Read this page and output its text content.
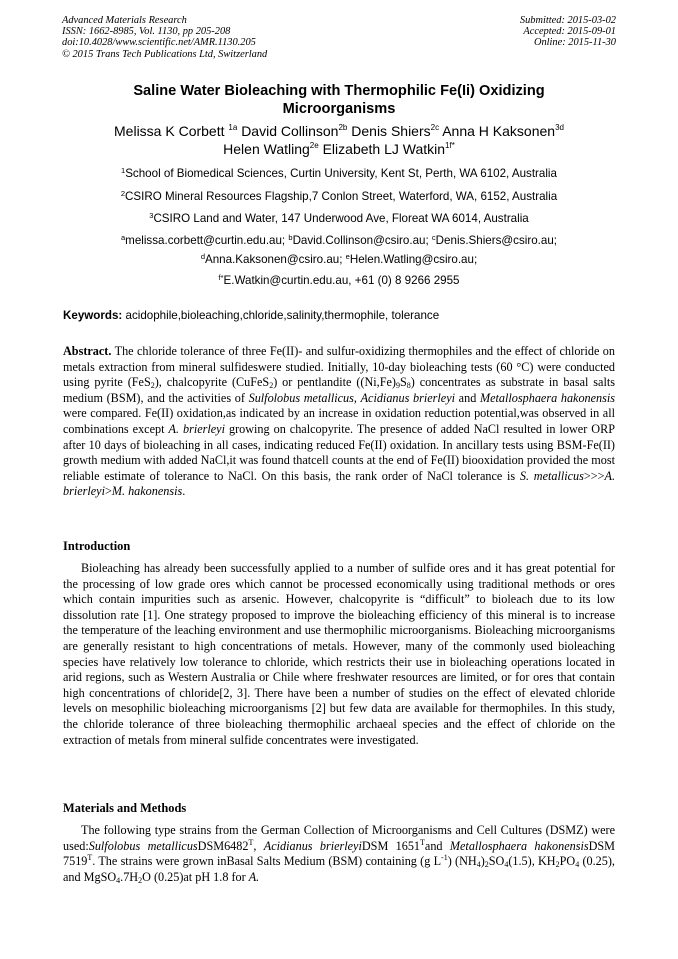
Advanced Materials Research
ISSN: 1662-8985, Vol. 1130, pp 205-208
doi:10.4028/www.scientific.net/AMR.1130.205
© 2015 Trans Tech Publications Ltd, Switzerland
Submitted: 2015-03-02
Accepted: 2015-09-01
Online: 2015-11-30
Saline Water Bioleaching with Thermophilic Fe(Ii) Oxidizing
Microorganisms
Melissa K Corbett $^{1a}$ David Collinson$^{2b}$ Denis Shiers$^{2c}$ Anna H Kaksonen$^{3d}$
Helen Watling$^{2e}$ Elizabeth LJ Watkin$^{1f*}$
$^1$School of Biomedical Sciences, Curtin University, Kent St, Perth, WA 6102, Australia
$^2$CSIRO Mineral Resources Flagship,7 Conlon Street, Waterford, WA, 6152, Australia
$^3$CSIRO Land and Water, 147 Underwood Ave, Floreat WA 6014, Australia
$^a$melissa.corbett@curtin.edu.au; $^b$David.Collinson@csiro.au; $^c$Denis.Shiers@csiro.au;
$^d$Anna.Kaksonen@csiro.au; $^e$Helen.Watling@csiro.au;
$^{f*}$E.Watkin@curtin.edu.au, +61 (0) 8 9266 2955
Keywords: acidophile,bioleaching,chloride,salinity,thermophile, tolerance
Abstract. The chloride tolerance of three Fe(II)- and sulfur-oxidizing thermophiles and the effect of chloride on metals extraction from mineral sulfideswere studied. Initially, 10-day bioleaching tests (60 °C) were conducted using pyrite (FeS$_2$), chalcopyrite (CuFeS$_2$) or pentlandite $((Ni,Fe)_9S_8)$ concentrates as substrate in basal salts medium (BSM), and the activities of Sulfolobus metallicus, Acidianus brierleyi and Metallosphaera hakonensis were compared. Fe(II) oxidation,as indicated by an increase in oxidation reduction potential,was observed in all combinations except A. brierleyi growing on chalcopyrite. The presence of added NaCl resulted in lower ORP after 10 days of bioleaching in all cases, indicating reduced Fe(II) oxidation. In ancillary tests using BSM-Fe(II) growth medium with added NaCl,it was found thatcell counts at the end of Fe(II) biooxidation provided the most reliable estimate of tolerance to NaCl. On this basis, the rank order of NaCl tolerance is S. metallicus>>>A. brierleyi>M. hakonensis.
Introduction
Bioleaching has already been successfully applied to a number of sulfide ores and it has great potential for the processing of low grade ores which cannot be processed economically using traditional methods or ores which contain impurities such as arsenic. However, chalcopyrite is “difficult” to bioleach due to its low dissolution rate [1]. One strategy proposed to improve the bioleaching efficiency of this mineral is to increase the temperature of the leaching environment and use thermophilic microorganisms. Bioleaching microorganisms are generally resistant to high concentrations of metals. However, many of the commonly used bioleaching species have relatively low tolerance to chloride, which restricts their use in bioleaching operations located in arid regions, such as Western Australia or Chile where freshwater resources are limited, or for ores that contain high concentrations of chloride[2, 3]. There have been a number of studies on the effect of elevated chloride levels on mesophilic bioleaching microorganisms [2] but few data are available for thermophiles. In this study, the chloride tolerance of three bioleaching thermophilic archaeal species and the effect of chloride on the extraction of metals from mineral sulfide concentrates were investigated.
Materials and Methods
The following type strains from the German Collection of Microorganisms and Cell Cultures (DSMZ) were used:Sulfolobus $metallicusDSM6482^T$, Acidianus brierleyiDSM $1651^Tand$ Metallosphaera hakonensisDSM $7519^T$. The strains were grown inBasal Salts Medium (BSM) containing (g $L^{-1}$) $(NH_4)_2SO_4(1.5)$, $KH_2PO_4$ (0.25), and $MgSO_4.7H_2O$ (0.25)at pH 1.8 for A.
